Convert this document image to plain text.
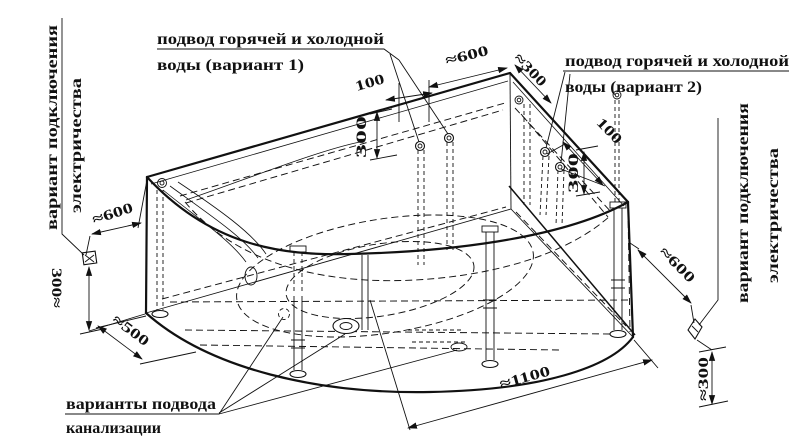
подвод горячей и холодной
воды (вариант 1)	подвод горячей и холодной
воды (вариант 2)
варианты подвода
канализации
вариант подключения электричества	вариант подключения электричества
≈600
300≈
≈500
100
300
≈600	≈300
100
300
≈600
≈300
≈1100
